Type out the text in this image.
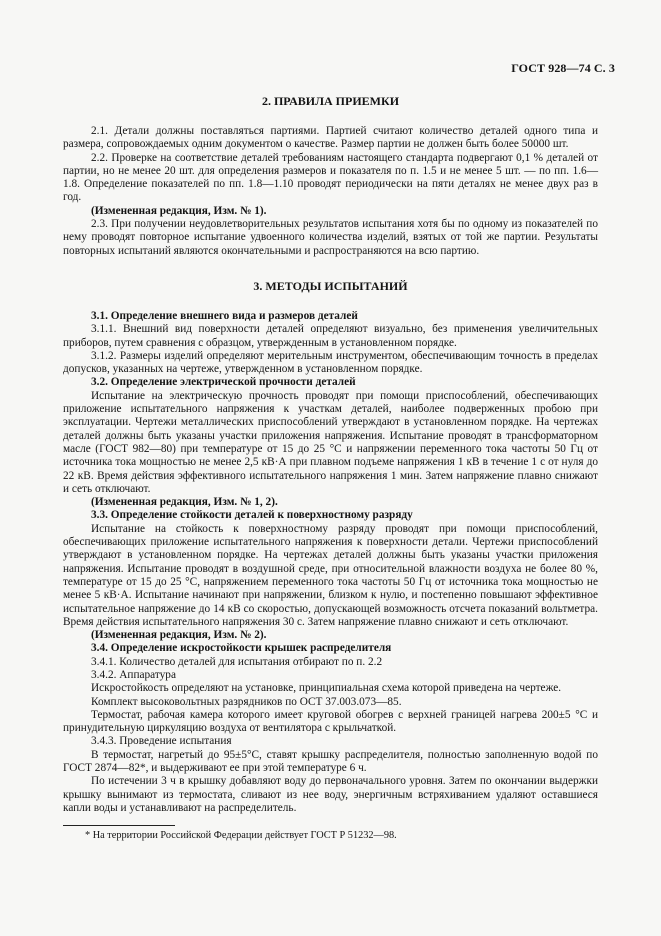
ГОСТ 928—74 С. 3
2. ПРАВИЛА ПРИЕМКИ

2.1. Детали должны поставляться партиями. Партией считают количество деталей одного типа и размера, сопровождаемых одним документом о качестве. Размер партии не должен быть более 50000 шт.

2.2. Проверке на соответствие деталей требованиям настоящего стандарта подвергают 0,1 % деталей от партии, но не менее 20 шт. для определения размеров и показателя по п. 1.5 и не менее 5 шт. — по пп. 1.6—1.8. Определение показателей по пп. 1.8—1.10 проводят периодически на пяти деталях не менее двух раз в год.

(Измененная редакция, Изм. № 1).

2.3. При получении неудовлетворительных результатов испытания хотя бы по одному из показателей по нему проводят повторное испытание удвоенного количества изделий, взятых от той же партии. Результаты повторных испытаний являются окончательными и распространяются на всю партию.

3. МЕТОДЫ ИСПЫТАНИЙ

3.1. Определение внешнего вида и размеров деталей

3.1.1. Внешний вид поверхности деталей определяют визуально, без применения увеличительных приборов, путем сравнения с образцом, утвержденным в установленном порядке.

3.1.2. Размеры изделий определяют мерительным инструментом, обеспечивающим точность в пределах допусков, указанных на чертеже, утвержденном в установленном порядке.

3.2. Определение электрической прочности деталей

Испытание на электрическую прочность проводят при помощи приспособлений, обеспечивающих приложение испытательного напряжения к участкам деталей, наиболее подверженных пробою при эксплуатации. Чертежи металлических приспособлений утверждают в установленном порядке. На чертежах деталей должны быть указаны участки приложения напряжения. Испытание проводят в трансформаторном масле (ГОСТ 982—80) при температуре от 15 до 25 °С и напряжении переменного тока частоты 50 Гц от источника тока мощностью не менее 2,5 кВ·А при плавном подъеме напряжения 1 кВ в течение 1 с от нуля до 22 кВ. Время действия эффективного испытательного напряжения 1 мин. Затем напряжение плавно снижают и сеть отключают.

(Измененная редакция, Изм. № 1, 2).

3.3. Определение стойкости деталей к поверхностному разряду

Испытание на стойкость к поверхностному разряду проводят при помощи приспособлений, обеспечивающих приложение испытательного напряжения к поверхности детали. Чертежи приспособлений утверждают в установленном порядке. На чертежах деталей должны быть указаны участки приложения напряжения. Испытание проводят в воздушной среде, при относительной влажности воздуха не более 80 %, температуре от 15 до 25 °С, напряжением переменного тока частоты 50 Гц от источника тока мощностью не менее 5 кВ·А. Испытание начинают при напряжении, близком к нулю, и постепенно повышают эффективное испытательное напряжение до 14 кВ со скоростью, допускающей возможность отсчета показаний вольтметра. Время действия испытательного напряжения 30 с. Затем напряжение плавно снижают и сеть отключают.

(Измененная редакция, Изм. № 2).

3.4. Определение искростойкости крышек распределителя

3.4.1. Количество деталей для испытания отбирают по п. 2.2

3.4.2. Аппаратура

Искростойкость определяют на установке, принципиальная схема которой приведена на чертеже.

Комплект высоковольтных разрядников по ОСТ 37.003.073—85.

Термостат, рабочая камера которого имеет круговой обогрев с верхней границей нагрева 200±5 °С и принудительную циркуляцию воздуха от вентилятора с крыльчаткой.

3.4.3. Проведение испытания

В термостат, нагретый до 95±5°С, ставят крышку распределителя, полностью заполненную водой по ГОСТ 2874—82*, и выдерживают ее при этой температуре 6 ч.

По истечении 3 ч в крышку добавляют воду до первоначального уровня. Затем по окончании выдержки крышку вынимают из термостата, сливают из нее воду, энергичным встряхиванием удаляют оставшиеся капли воды и устанавливают на распределитель.

* На территории Российской Федерации действует ГОСТ Р 51232—98.
